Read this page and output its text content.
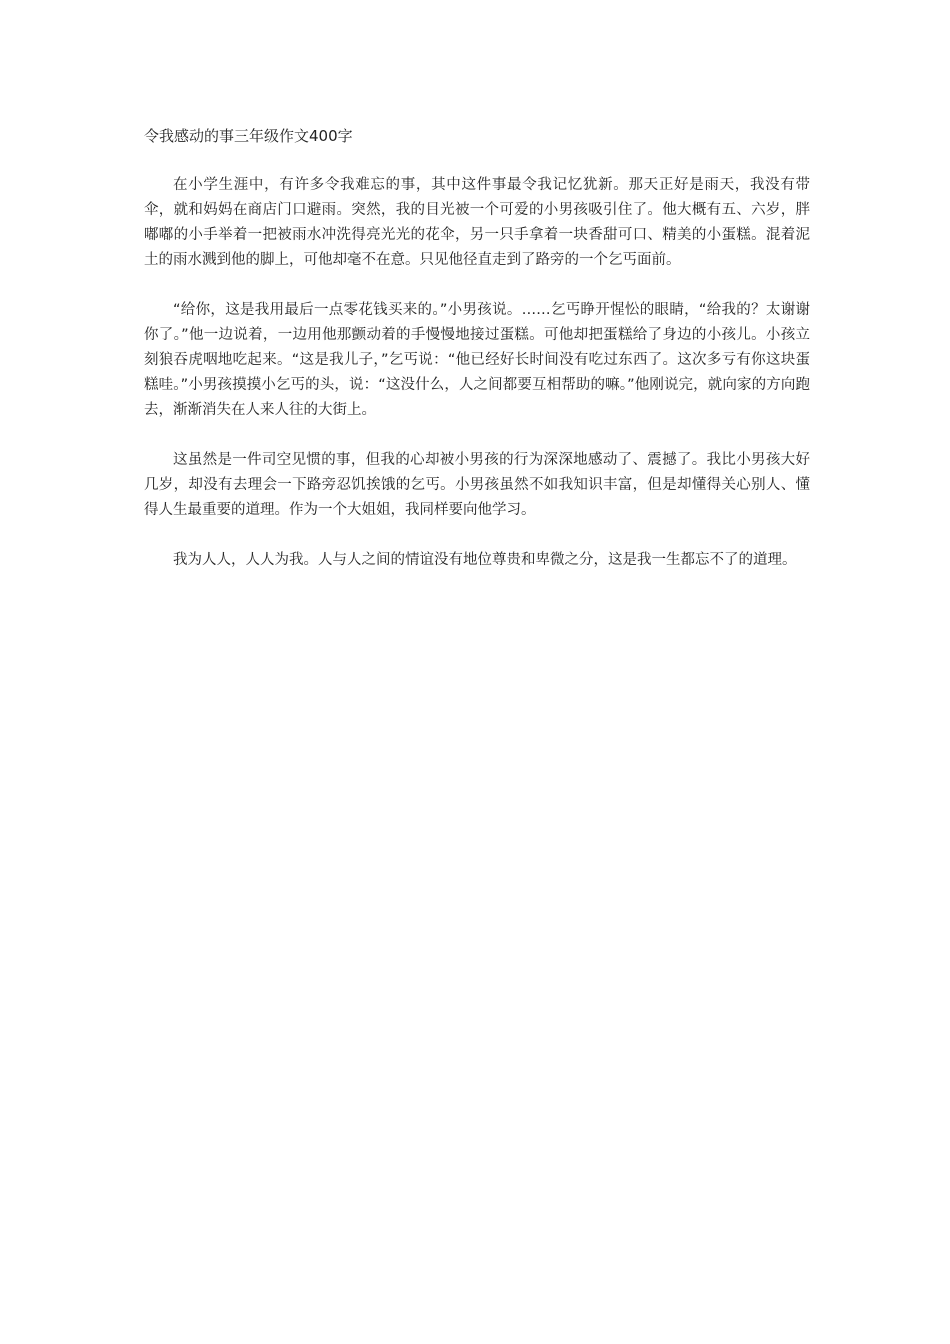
令我感动的事三年级作文400字

在小学生涯中，有许多令我难忘的事，其中这件事最令我记忆犹新。那天正好是雨天，我没有带伞，就和妈妈在商店门口避雨。突然，我的目光被一个可爱的小男孩吸引住了。他大概有五、六岁，胖嘟嘟的小手举着一把被雨水冲洗得亮光光的花伞，另一只手拿着一块香甜可口、精美的小蛋糕。混着泥土的雨水溅到他的脚上，可他却毫不在意。只见他径直走到了路旁的一个乞丐面前。

“给你，这是我用最后一点零花钱买来的。”小男孩说。……乞丐睁开惺忪的眼睛，“给我的？太谢谢你了。”他一边说着，一边用他那颤动着的手慢慢地接过蛋糕。可他却把蛋糕给了身边的小孩儿。小孩立刻狼吞虎咽地吃起来。“这是我儿子，”乞丐说：“他已经好长时间没有吃过东西了。这次多亏有你这块蛋糕哇。”小男孩摸摸小乞丐的头，说：“这没什么，人之间都要互相帮助的嘛。”他刚说完，就向家的方向跑去，渐渐消失在人来人往的大街上。

这虽然是一件司空见惯的事，但我的心却被小男孩的行为深深地感动了、震撼了。我比小男孩大好几岁，却没有去理会一下路旁忍饥挨饿的乞丐。小男孩虽然不如我知识丰富，但是却懂得关心别人、懂得人生最重要的道理。作为一个大姐姐，我同样要向他学习。

我为人人，人人为我。人与人之间的情谊没有地位尊贵和卑微之分，这是我一生都忘不了的道理。
